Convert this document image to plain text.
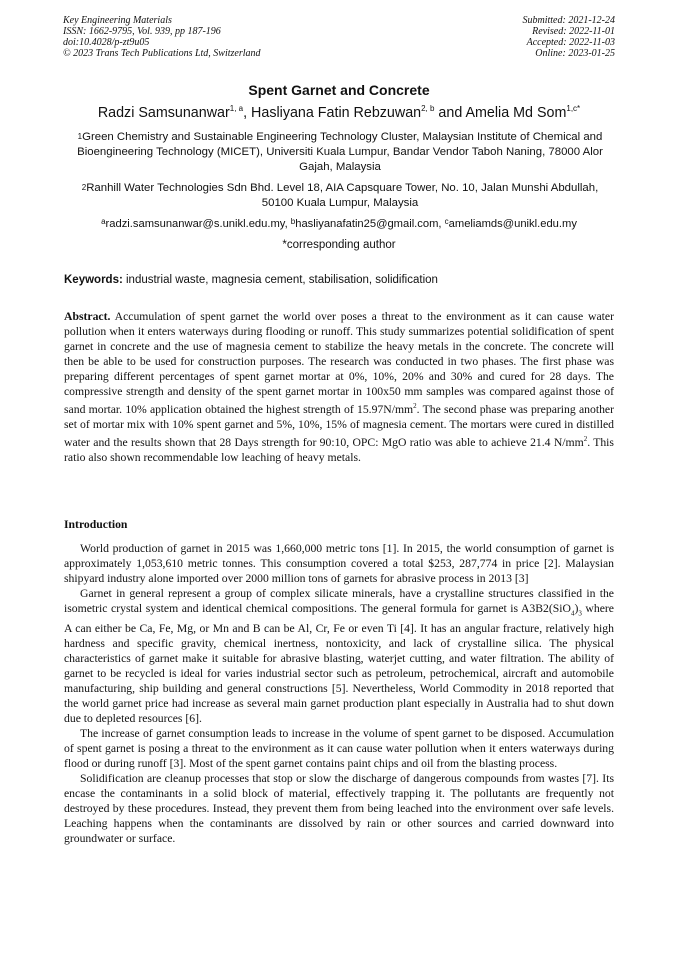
Key Engineering Materials
ISSN: 1662-9795, Vol. 939, pp 187-196
doi:10.4028/p-zt9u05
© 2023 Trans Tech Publications Ltd, Switzerland
Submitted: 2021-12-24
Revised: 2022-11-01
Accepted: 2022-11-03
Online: 2023-01-25
Spent Garnet and Concrete
Radzi Samsunanwar$^{1, a}$, Hasliyana Fatin Rebzuwan$^{2, b}$ and Amelia Md Som$^{1,c*}$
$^1$Green Chemistry and Sustainable Engineering Technology Cluster, Malaysian Institute of Chemical and Bioengineering Technology (MICET), Universiti Kuala Lumpur, Bandar Vendor Taboh Naning, 78000 Alor Gajah, Malaysia
$^2$Ranhill Water Technologies Sdn Bhd. Level 18, AIA Capsquare Tower, No. 10, Jalan Munshi Abdullah, 50100 Kuala Lumpur, Malaysia
$^a$radzi.samsunanwar@s.unikl.edu.my, $^b$hasliyanafatin25@gmail.com, $^c$ameliamds@unikl.edu.my
*corresponding author
Keywords: industrial waste, magnesia cement, stabilisation, solidification

Abstract. Accumulation of spent garnet the world over poses a threat to the environment as it can cause water pollution when it enters waterways during flooding or runoff. This study summarizes potential solidification of spent garnet in concrete and the use of magnesia cement to stabilize the heavy metals in the concrete. The concrete will then be able to be used for construction purposes. The research was conducted in two phases. The first phase was preparing different percentages of spent garnet mortar at 0%, 10%, 20% and 30% and cured for 28 days. The compressive strength and density of the spent garnet mortar in 100x50 mm samples was compared against those of sand mortar. 10% application obtained the highest strength of $15.97N/mm^2$. The second phase was preparing another set of mortar mix with 10% spent garnet and 5%, 10%, 15% of magnesia cement. The mortars were cured in distilled water and the results shown that 28 Days strength for 90:10, OPC: MgO ratio was able to achieve 21.4 $N/mm^2$. This ratio also shown recommendable low leaching of heavy metals.

Introduction

World production of garnet in 2015 was 1,660,000 metric tons [1]. In 2015, the world consumption of garnet is approximately 1,053,610 metric tonnes. This consumption covered a total $253, 287,774 in price [2]. Malaysian shipyard industry alone imported over 2000 million tons of garnets for abrasive process in 2013 [3]

Garnet in general represent a group of complex silicate minerals, have a crystalline structures classified in the isometric crystal system and identical chemical compositions. The general formula for garnet is $A3B2(SiO_4)_3$ where A can either be Ca, Fe, Mg, or Mn and B can be Al, Cr, Fe or even Ti [4]. It has an angular fracture, relatively high hardness and specific gravity, chemical inertness, nontoxicity, and lack of crystalline silica. The physical characteristics of garnet make it suitable for abrasive blasting, waterjet cutting, and water filtration. The ability of garnet to be recycled is ideal for varies industrial sector such as petroleum, petrochemical, aircraft and automobile manufacturing, ship building and general constructions [5]. Nevertheless, World Commodity in 2018 reported that the world garnet price had increase as several main garnet production plant especially in Australia had to shut down due to depleted resources [6].

The increase of garnet consumption leads to increase in the volume of spent garnet to be disposed. Accumulation of spent garnet is posing a threat to the environment as it can cause water pollution when it enters waterways during flood or during runoff [3]. Most of the spent garnet contains paint chips and oil from the blasting process.

Solidification are cleanup processes that stop or slow the discharge of dangerous compounds from wastes [7]. Its encase the contaminants in a solid block of material, effectively trapping it. The pollutants are frequently not destroyed by these procedures. Instead, they prevent them from being leached into the environment over safe levels. Leaching happens when the contaminants are dissolved by rain or other sources and carried downward into groundwater or surface.
